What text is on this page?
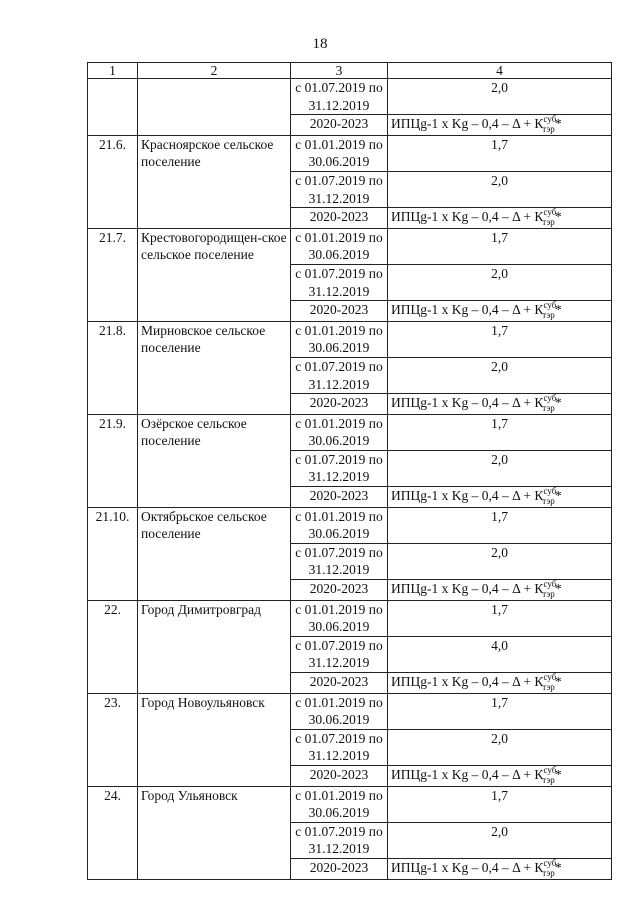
18
1	2	3	4
		с 01.07.2019 по 31.12.2019	2,0
		2020-2023	ИПЦg-1 х $Kg - 0,4 - \Delta + К^{суб}_{тэр}*$
21.6.	Красноярское сельское поселение	с 01.01.2019 по 30.06.2019	1,7
		с 01.07.2019 по 31.12.2019	2,0
		2020-2023	ИПЦg-1 х $Kg - 0,4 - \Delta + К^{суб}_{тэр}*$
21.7.	Крестовогородищен-ское сельское поселение	с 01.01.2019 по 30.06.2019	1,7
		с 01.07.2019 по 31.12.2019	2,0
		2020-2023	ИПЦg-1 х $Kg - 0,4 - \Delta + К^{суб}_{тэр}*$
21.8.	Мирновское сельское поселение	с 01.01.2019 по 30.06.2019	1,7
		с 01.07.2019 по 31.12.2019	2,0
		2020-2023	ИПЦg-1 х $Kg - 0,4 - \Delta + К^{суб}_{тэр}*$
21.9.	Озёрское сельское поселение	с 01.01.2019 по 30.06.2019	1,7
		с 01.07.2019 по 31.12.2019	2,0
		2020-2023	ИПЦg-1 х $Kg - 0,4 - \Delta + К^{суб}_{тэр}*$
21.10.	Октябрьское сельское поселение	с 01.01.2019 по 30.06.2019	1,7
		с 01.07.2019 по 31.12.2019	2,0
		2020-2023	ИПЦg-1 х $Kg - 0,4 - \Delta + К^{суб}_{тэр}*$
22.	Город Димитровград	с 01.01.2019 по 30.06.2019	1,7
		с 01.07.2019 по 31.12.2019	4,0
		2020-2023	ИПЦg-1 х $Kg - 0,4 - \Delta + К^{суб}_{тэр}*$
23.	Город Новоульяновск	с 01.01.2019 по 30.06.2019	1,7
		с 01.07.2019 по 31.12.2019	2,0
		2020-2023	ИПЦg-1 х $Kg - 0,4 - \Delta + К^{суб}_{тэр}*$
24.	Город Ульяновск	с 01.01.2019 по 30.06.2019	1,7
		с 01.07.2019 по 31.12.2019	2,0
		2020-2023	ИПЦg-1 х $Kg - 0,4 - \Delta + К^{суб}_{тэр}*$
